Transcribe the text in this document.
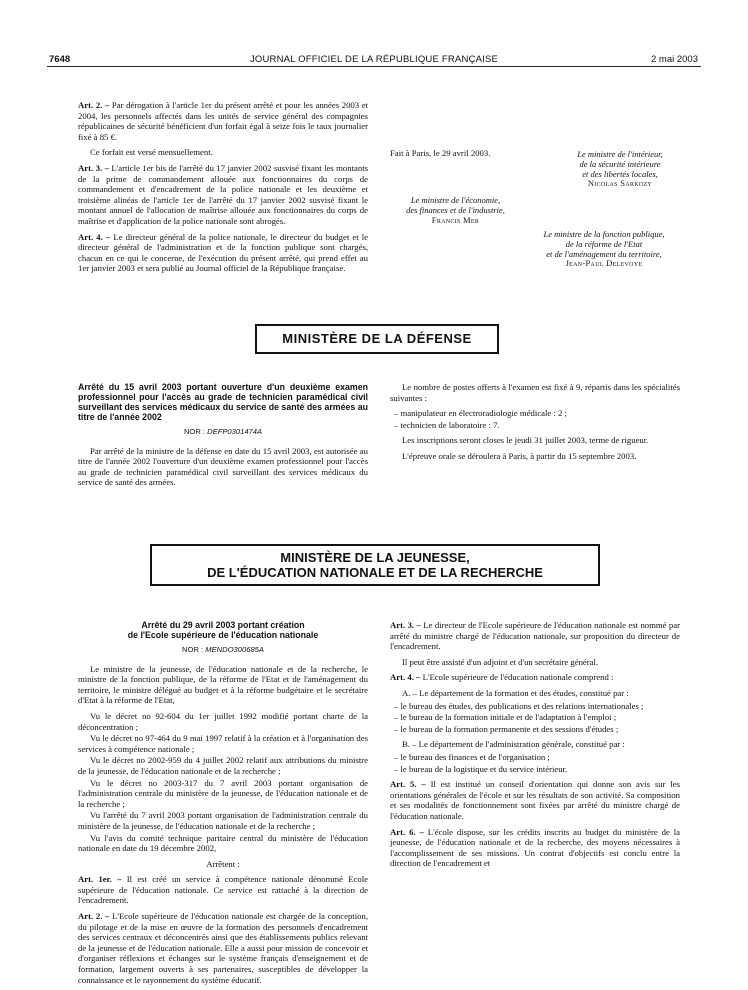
7648	JOURNAL OFFICIEL DE LA RÉPUBLIQUE FRANÇAISE	2 mai 2003

Art. 2. – Par dérogation à l'article 1er du présent arrêté et pour les années 2003 et 2004, les personnels affectés dans les unités de service général des compagnies républicaines de sécurité bénéficient d'un forfait égal à seize fois le taux journalier fixé à 85 €.

Ce forfait est versé mensuellement.

Art. 3. – L'article 1er bis de l'arrêté du 17 janvier 2002 susvisé fixant les montants de la prime de commandement allouée aux fonctionnaires du corps de commandement et d'encadrement de la police nationale et les deuxième et troisième alinéas de l'article 1er de l'arrêté du 17 janvier 2002 susvisé fixant le montant annuel de l'allocation de maîtrise allouée aux fonctionnaires du corps de maîtrise et d'application de la police nationale sont abrogés.

Art. 4. – Le directeur général de la police nationale, le directeur du budget et le directeur général de l'administration et de la fonction publique sont chargés, chacun en ce qui le concerne, de l'exécution du présent arrêté, qui prend effet au 1er janvier 2003 et sera publié au Journal officiel de la République française.

Fait à Paris, le 29 avril 2003.	Le ministre de l'intérieur,
de la sécurité intérieure
et des libertés locales,
Nicolas Sarkozy
Le ministre de l'économie,
des finances et de l'industrie,
Francis Mer
Le ministre de la fonction publique,
de la réforme de l'Etat
et de l'aménagement du territoire,
Jean-Paul Delevoye
MINISTÈRE DE LA DÉFENSE
Arrêté du 15 avril 2003 portant ouverture d'un deuxième examen professionnel pour l'accès au grade de technicien paramédical civil surveillant des services médicaux du service de santé des armées au titre de l'année 2002
NOR : DEFP0301474A

Par arrêté de la ministre de la défense en date du 15 avril 2003, est autorisée au titre de l'année 2002 l'ouverture d'un deuxième examen professionnel pour l'accès au grade de technicien paramédical civil surveillant des services médicaux du service de santé des armées.

Le nombre de postes offerts à l'examen est fixé à 9, répartis dans les spécialités suivantes :

– manipulateur en électroradiologie médicale : 2 ;
– technicien de laboratoire : 7.

Les inscriptions seront closes le jeudi 31 juillet 2003, terme de rigueur.

L'épreuve orale se déroulera à Paris, à partir du 15 septembre 2003.

MINISTÈRE DE LA JEUNESSE,
DE L'ÉDUCATION NATIONALE ET DE LA RECHERCHE
Arrêté du 29 avril 2003 portant création
de l'Ecole supérieure de l'éducation nationale
NOR : MENDO300685A

Le ministre de la jeunesse, de l'éducation nationale et de la recherche, le ministre de la fonction publique, de la réforme de l'Etat et de l'aménagement du territoire, le ministre délégué au budget et à la réforme budgétaire et le secrétaire d'Etat à la réforme de l'Etat,

Vu le décret no 92-604 du 1er juillet 1992 modifié portant charte de la déconcentration ;

Vu le décret no 97-464 du 9 mai 1997 relatif à la création et à l'organisation des services à compétence nationale ;

Vu le décret no 2002-959 du 4 juillet 2002 relatif aux attributions du ministre de la jeunesse, de l'éducation nationale et de la recherche ;

Vu le décret no 2003-317 du 7 avril 2003 portant organisation de l'administration centrale du ministère de la jeunesse, de l'éducation nationale et de la recherche ;

Vu l'arrêté du 7 avril 2003 portant organisation de l'administration centrale du ministère de la jeunesse, de l'éducation nationale et de la recherche ;

Vu l'avis du comité technique paritaire central du ministère de l'éducation nationale en date du 19 décembre 2002,

Arrêtent :

Art. 1er. – Il est créé un service à compétence nationale dénommé Ecole supérieure de l'éducation nationale. Ce service est rattaché à la direction de l'encadrement.

Art. 2. – L'Ecole supérieure de l'éducation nationale est chargée de la conception, du pilotage et de la mise en œuvre de la formation des personnels d'encadrement des services centraux et déconcentrés ainsi que des établissements publics relevant de la jeunesse et de l'éducation nationale. Elle a aussi pour mission de concevoir et d'organiser réflexions et échanges sur le système français d'enseignement et de formation, largement ouverts à ses partenaires, susceptibles de développer la connaissance et le rayonnement du système éducatif.

Art. 3. – Le directeur de l'Ecole supérieure de l'éducation nationale est nommé par arrêté du ministre chargé de l'éducation nationale, sur proposition du directeur de l'encadrement.

Il peut être assisté d'un adjoint et d'un secrétaire général.

Art. 4. – L'Ecole supérieure de l'éducation nationale comprend :

A. – Le département de la formation et des études, constitué par :

– le bureau des études, des publications et des relations internationales ;
– le bureau de la formation initiale et de l'adaptation à l'emploi ;
– le bureau de la formation permanente et des sessions d'études ;

B. – Le département de l'administration générale, constitué par :

– le bureau des finances et de l'organisation ;
– le bureau de la logistique et du service intérieur.

Art. 5. – Il est institué un conseil d'orientation qui donne son avis sur les orientations générales de l'école et sur les résultats de son activité. Sa composition et ses modalités de fonctionnement sont fixées par arrêté du ministre chargé de l'éducation nationale.

Art. 6. – L'école dispose, sur les crédits inscrits au budget du ministère de la jeunesse, de l'éducation nationale et de la recherche, des moyens nécessaires à l'accomplissement de ses missions. Un contrat d'objectifs est conclu entre la direction de l'encadrement et
